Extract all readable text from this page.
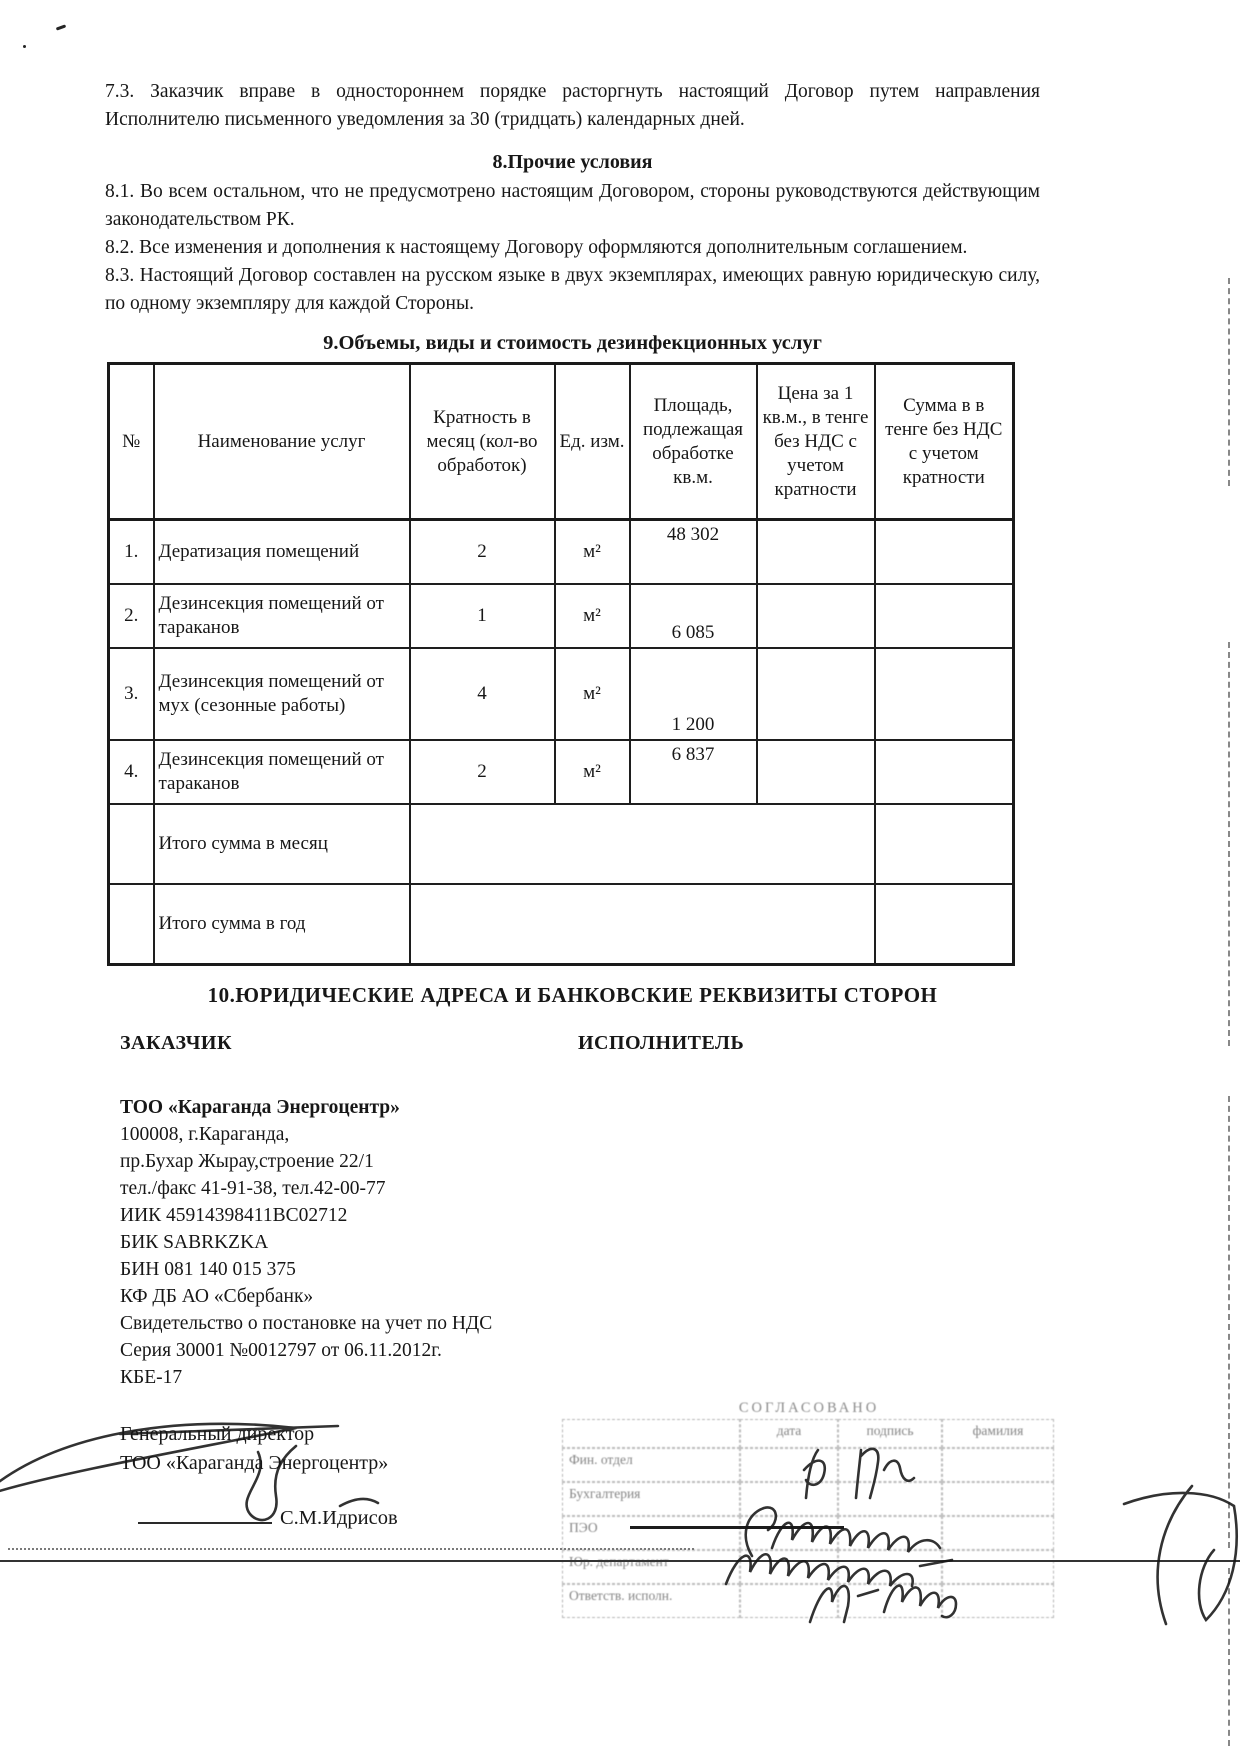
7.3. Заказчик вправе в одностороннем порядке расторгнуть настоящий Договор путем направления Исполнителю письменного уведомления за 30 (тридцать) календарных дней.

8.Прочие условия

8.1. Во всем остальном, что не предусмотрено настоящим Договором, стороны руководствуются действующим законодательством РК.

8.2. Все изменения и дополнения к настоящему Договору оформляются дополнительным соглашением.

8.3. Настоящий Договор составлен на русском языке в двух экземплярах, имеющих равную юридическую силу, по одному экземпляру для каждой Стороны.

9.Объемы, виды и стоимость дезинфекционных услуг
№	Наименование услуг	Кратность в месяц (кол-во обработок)	Ед. изм.	Площадь, подлежащая обработке кв.м.	Цена за 1 кв.м., в тенге без НДС с учетом кратности	Сумма в в тенге без НДС с учетом кратности
1.	Дератизация помещений	2	м²	48 302		
2.	Дезинсекция помещений от тараканов	1	м²	6 085		
3.	Дезинсекция помещений от мух (сезонные работы)	4	м²	1 200		
4.	Дезинсекция помещений от тараканов	2	м²	6 837		
	Итого сумма в месяц					
	Итого сумма в год					
10.ЮРИДИЧЕСКИЕ АДРЕСА И БАНКОВСКИЕ РЕКВИЗИТЫ СТОРОН
ЗАКАЗЧИК	ИСПОЛНИТЕЛЬ
ТОО «Караганда Энергоцентр»
100008, г.Караганда,
пр.Бухар Жырау,строение 22/1
тел./факс 41-91-38, тел.42-00-77
ИИК 45914398411BC02712
БИК SABRKZKA
БИН 081 140 015 375
КФ ДБ АО «Сбербанк»
Свидетельство о постановке на учет по НДС
Серия 30001 №0012797 от 06.11.2012г.
КБЕ-17
Генеральный директор
ТОО «Караганда Энергоцентр»
С.М.Идрисов
СОГЛАСОВАНО
дата	подпись	фамилия
Фин. отдел
Бухгалтерия
ПЭО
Юр. департамент
Ответств. исполн.
